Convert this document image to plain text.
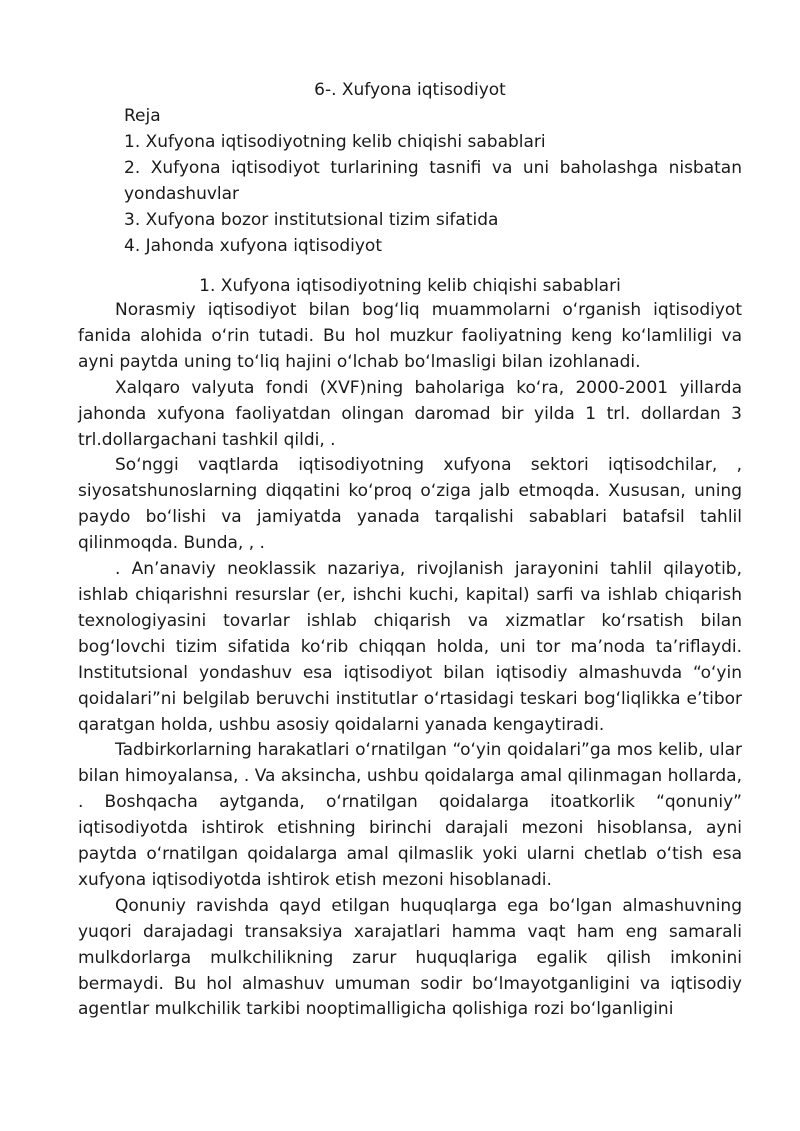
6-. Xufyona iqtisodiyot

Reja

1. Xufyona iqtisodiyotning kelib chiqishi sabablari

2. Xufyona iqtisodiyot turlarining tasnifi va uni baholashga nisbatan yondashuvlar

3. Xufyona bozor institutsional tizim sifatida

4. Jahonda xufyona iqtisodiyot

1. Xufyona iqtisodiyotning kelib chiqishi sabablari

Norasmiy iqtisodiyot bilan bog‘liq muammolarni o‘rganish iqtisodiyot fanida alohida o‘rin tutadi. Bu hol muzkur faoliyatning keng ko‘lamliligi va ayni paytda uning to‘liq hajini o‘lchab bo‘lmasligi bilan izohlanadi.

Xalqaro valyuta fondi (XVF)ning baholariga ko‘ra, 2000-2001 yillarda jahonda xufyona faoliyatdan olingan daromad bir yilda 1 trl. dollardan 3 trl.dollargachani tashkil qildi, .

So‘nggi vaqtlarda iqtisodiyotning xufyona sektori iqtisodchilar, , siyosatshunoslarning diqqatini ko‘proq o‘ziga jalb etmoqda. Xususan, uning paydo bo‘lishi va jamiyatda yanada tarqalishi sabablari batafsil tahlil qilinmoqda. Bunda, , .

. An’anaviy neoklassik nazariya, rivojlanish jarayonini tahlil qilayotib, ishlab chiqarishni resurslar (er, ishchi kuchi, kapital) sarfi va ishlab chiqarish texnologiyasini tovarlar ishlab chiqarish va xizmatlar ko‘rsatish bilan bog‘lovchi tizim sifatida ko‘rib chiqqan holda, uni tor ma’noda ta’riflaydi. Institutsional yondashuv esa iqtisodiyot bilan iqtisodiy almashuvda “o‘yin qoidalari”ni belgilab beruvchi institutlar o‘rtasidagi teskari bog‘liqlikka e’tibor qaratgan holda, ushbu asosiy qoidalarni yanada kengaytiradi.

Tadbirkorlarning harakatlari o‘rnatilgan “o‘yin qoidalari”ga mos kelib, ular bilan himoyalansa, . Va aksincha, ushbu qoidalarga amal qilinmagan hollarda, . Boshqacha aytganda, o‘rnatilgan qoidalarga itoatkorlik “qonuniy” iqtisodiyotda ishtirok etishning birinchi darajali mezoni hisoblansa, ayni paytda o‘rnatilgan qoidalarga amal qilmaslik yoki ularni chetlab o‘tish esa xufyona iqtisodiyotda ishtirok etish mezoni hisoblanadi.

Qonuniy ravishda qayd etilgan huquqlarga ega bo‘lgan almashuvning yuqori darajadagi transaksiya xarajatlari hamma vaqt ham eng samarali mulkdorlarga mulkchilikning zarur huquqlariga egalik qilish imkonini bermaydi. Bu hol almashuv umuman sodir bo‘lmayotganligini va iqtisodiy agentlar mulkchilik tarkibi nooptimalligicha qolishiga rozi bo‘lganligini
